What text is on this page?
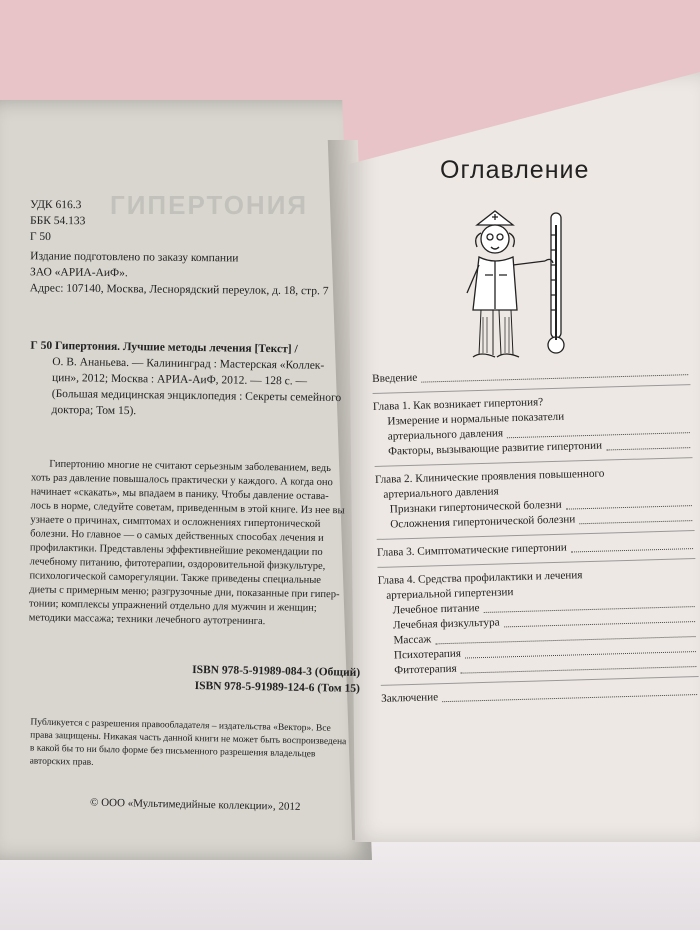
ГИПЕРТОНИЯ

УДК 616.3

ББК 54.133

Г 50

Издание подготовлено по заказу компании

ЗАО «АРИА-АиФ».

Адрес: 107140, Москва, Леснорядский переулок, д. 18, стр. 7

Г 50 Гипертония. Лучшие методы лечения [Текст] /

О. В. Ананьева. — Калининград : Мастерская «Коллек-

цин», 2012; Москва : АРИА-АиФ, 2012. — 128 с. —

(Большая медицинская энциклопедия : Секреты семейного

доктора; Том 15).

Гипертонию многие не считают серьезным заболеванием, ведь

хоть раз давление повышалось практически у каждого. А когда оно

начинает «скакать», мы впадаем в панику. Чтобы давление остава-

лось в норме, следуйте советам, приведенным в этой книге. Из нее вы

узнаете о причинах, симптомах и осложнениях гипертонической

болезни. Но главное — о самых действенных способах лечения и

профилактики. Представлены эффективнейшие рекомендации по

лечебному питанию, фитотерапии, оздоровительной физкультуре,

психологической саморегуляции. Также приведены специальные

диеты с примерным меню; разгрузочные дни, показанные при гипер-

тонии; комплексы упражнений отдельно для мужчин и женщин;

методики массажа; техники лечебного аутотренинга.

ISBN 978-5-91989-084-3 (Общий)

ISBN 978-5-91989-124-6 (Том 15)

Публикуется с разрешения правообладателя – издательства «Вектор». Все

права защищены. Никакая часть данной книги не может быть воспроизведена

в какой бы то ни было форме без письменного разрешения владельцев

авторских прав.

© ООО «Мультимедийные коллекции», 2012
Оглавление
Введение
Глава 1. Как возникает гипертония?
Измерение и нормальные показатели
артериального давления
Факторы, вызывающие развитие гипертонии
Глава 2. Клинические проявления повышенного
артериального давления
Признаки гипертонической болезни
Осложнения гипертонической болезни
Глава 3. Симптоматические гипертонии
Глава 4. Средства профилактики и лечения
артериальной гипертензии
Лечебное питание
Лечебная физкультура
Массаж
Психотерапия
Фитотерапия
Заключение
